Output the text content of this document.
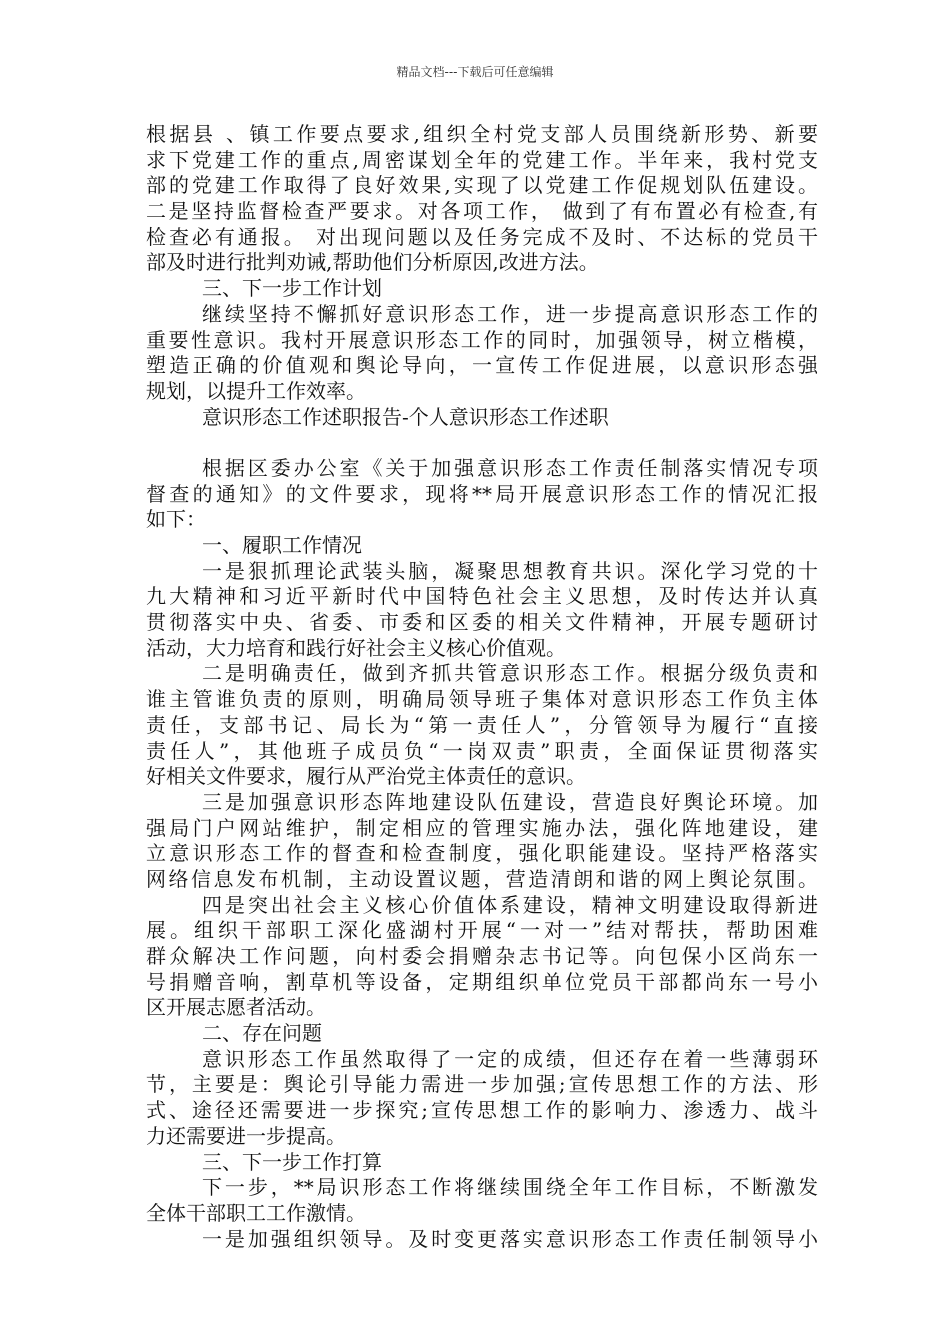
精品文档---下载后可任意编辑
根据县 、镇工作要点要求,组织全村党支部人员围绕新形势、新要
求下党建工作的重点,周密谋划全年的党建工作。半年来，我村党支
部的党建工作取得了良好效果,实现了以党建工作促规划队伍建设。
二是坚持监督检查严要求。对各项工作， 做到了有布置必有检查,有
检查必有通报。 对出现问题以及任务完成不及时、不达标的党员干
部及时进行批判劝诫,帮助他们分析原因,改进方法。
三、下一步工作计划
继续坚持不懈抓好意识形态工作，进一步提高意识形态工作的
重要性意识。我村开展意识形态工作的同时，加强领导，树立楷模，
塑造正确的价值观和舆论导向，一宣传工作促进展，以意识形态强
规划，以提升工作效率。
意识形态工作述职报告-个人意识形态工作述职
根据区委办公室《关于加强意识形态工作责任制落实情况专项
督查的通知》的文件要求，现将**局开展意识形态工作的情况汇报
如下：
一、履职工作情况
一是狠抓理论武装头脑，凝聚思想教育共识。深化学习党的十
九大精神和习近平新时代中国特色社会主义思想，及时传达并认真
贯彻落实中央、省委、市委和区委的相关文件精神，开展专题研讨
活动，大力培育和践行好社会主义核心价值观。
二是明确责任，做到齐抓共管意识形态工作。根据分级负责和
谁主管谁负责的原则，明确局领导班子集体对意识形态工作负主体
责任，支部书记、局长为“第一责任人”，分管领导为履行“直接
责任人”，其他班子成员负“一岗双责”职责，全面保证贯彻落实
好相关文件要求，履行从严治党主体责任的意识。
三是加强意识形态阵地建设队伍建设，营造良好舆论环境。加
强局门户网站维护，制定相应的管理实施办法，强化阵地建设，建
立意识形态工作的督查和检查制度，强化职能建设。坚持严格落实
网络信息发布机制，主动设置议题，营造清朗和谐的网上舆论氛围。
四是突出社会主义核心价值体系建设，精神文明建设取得新进
展。组织干部职工深化盛湖村开展“一对一”结对帮扶，帮助困难
群众解决工作问题，向村委会捐赠杂志书记等。向包保小区尚东一
号捐赠音响，割草机等设备，定期组织单位党员干部都尚东一号小
区开展志愿者活动。
二、存在问题
意识形态工作虽然取得了一定的成绩，但还存在着一些薄弱环
节，主要是：舆论引导能力需进一步加强;宣传思想工作的方法、形
式、途径还需要进一步探究;宣传思想工作的影响力、渗透力、战斗
力还需要进一步提高。
三、下一步工作打算
下一步，**局识形态工作将继续围绕全年工作目标，不断激发
全体干部职工工作激情。
一是加强组织领导。及时变更落实意识形态工作责任制领导小
